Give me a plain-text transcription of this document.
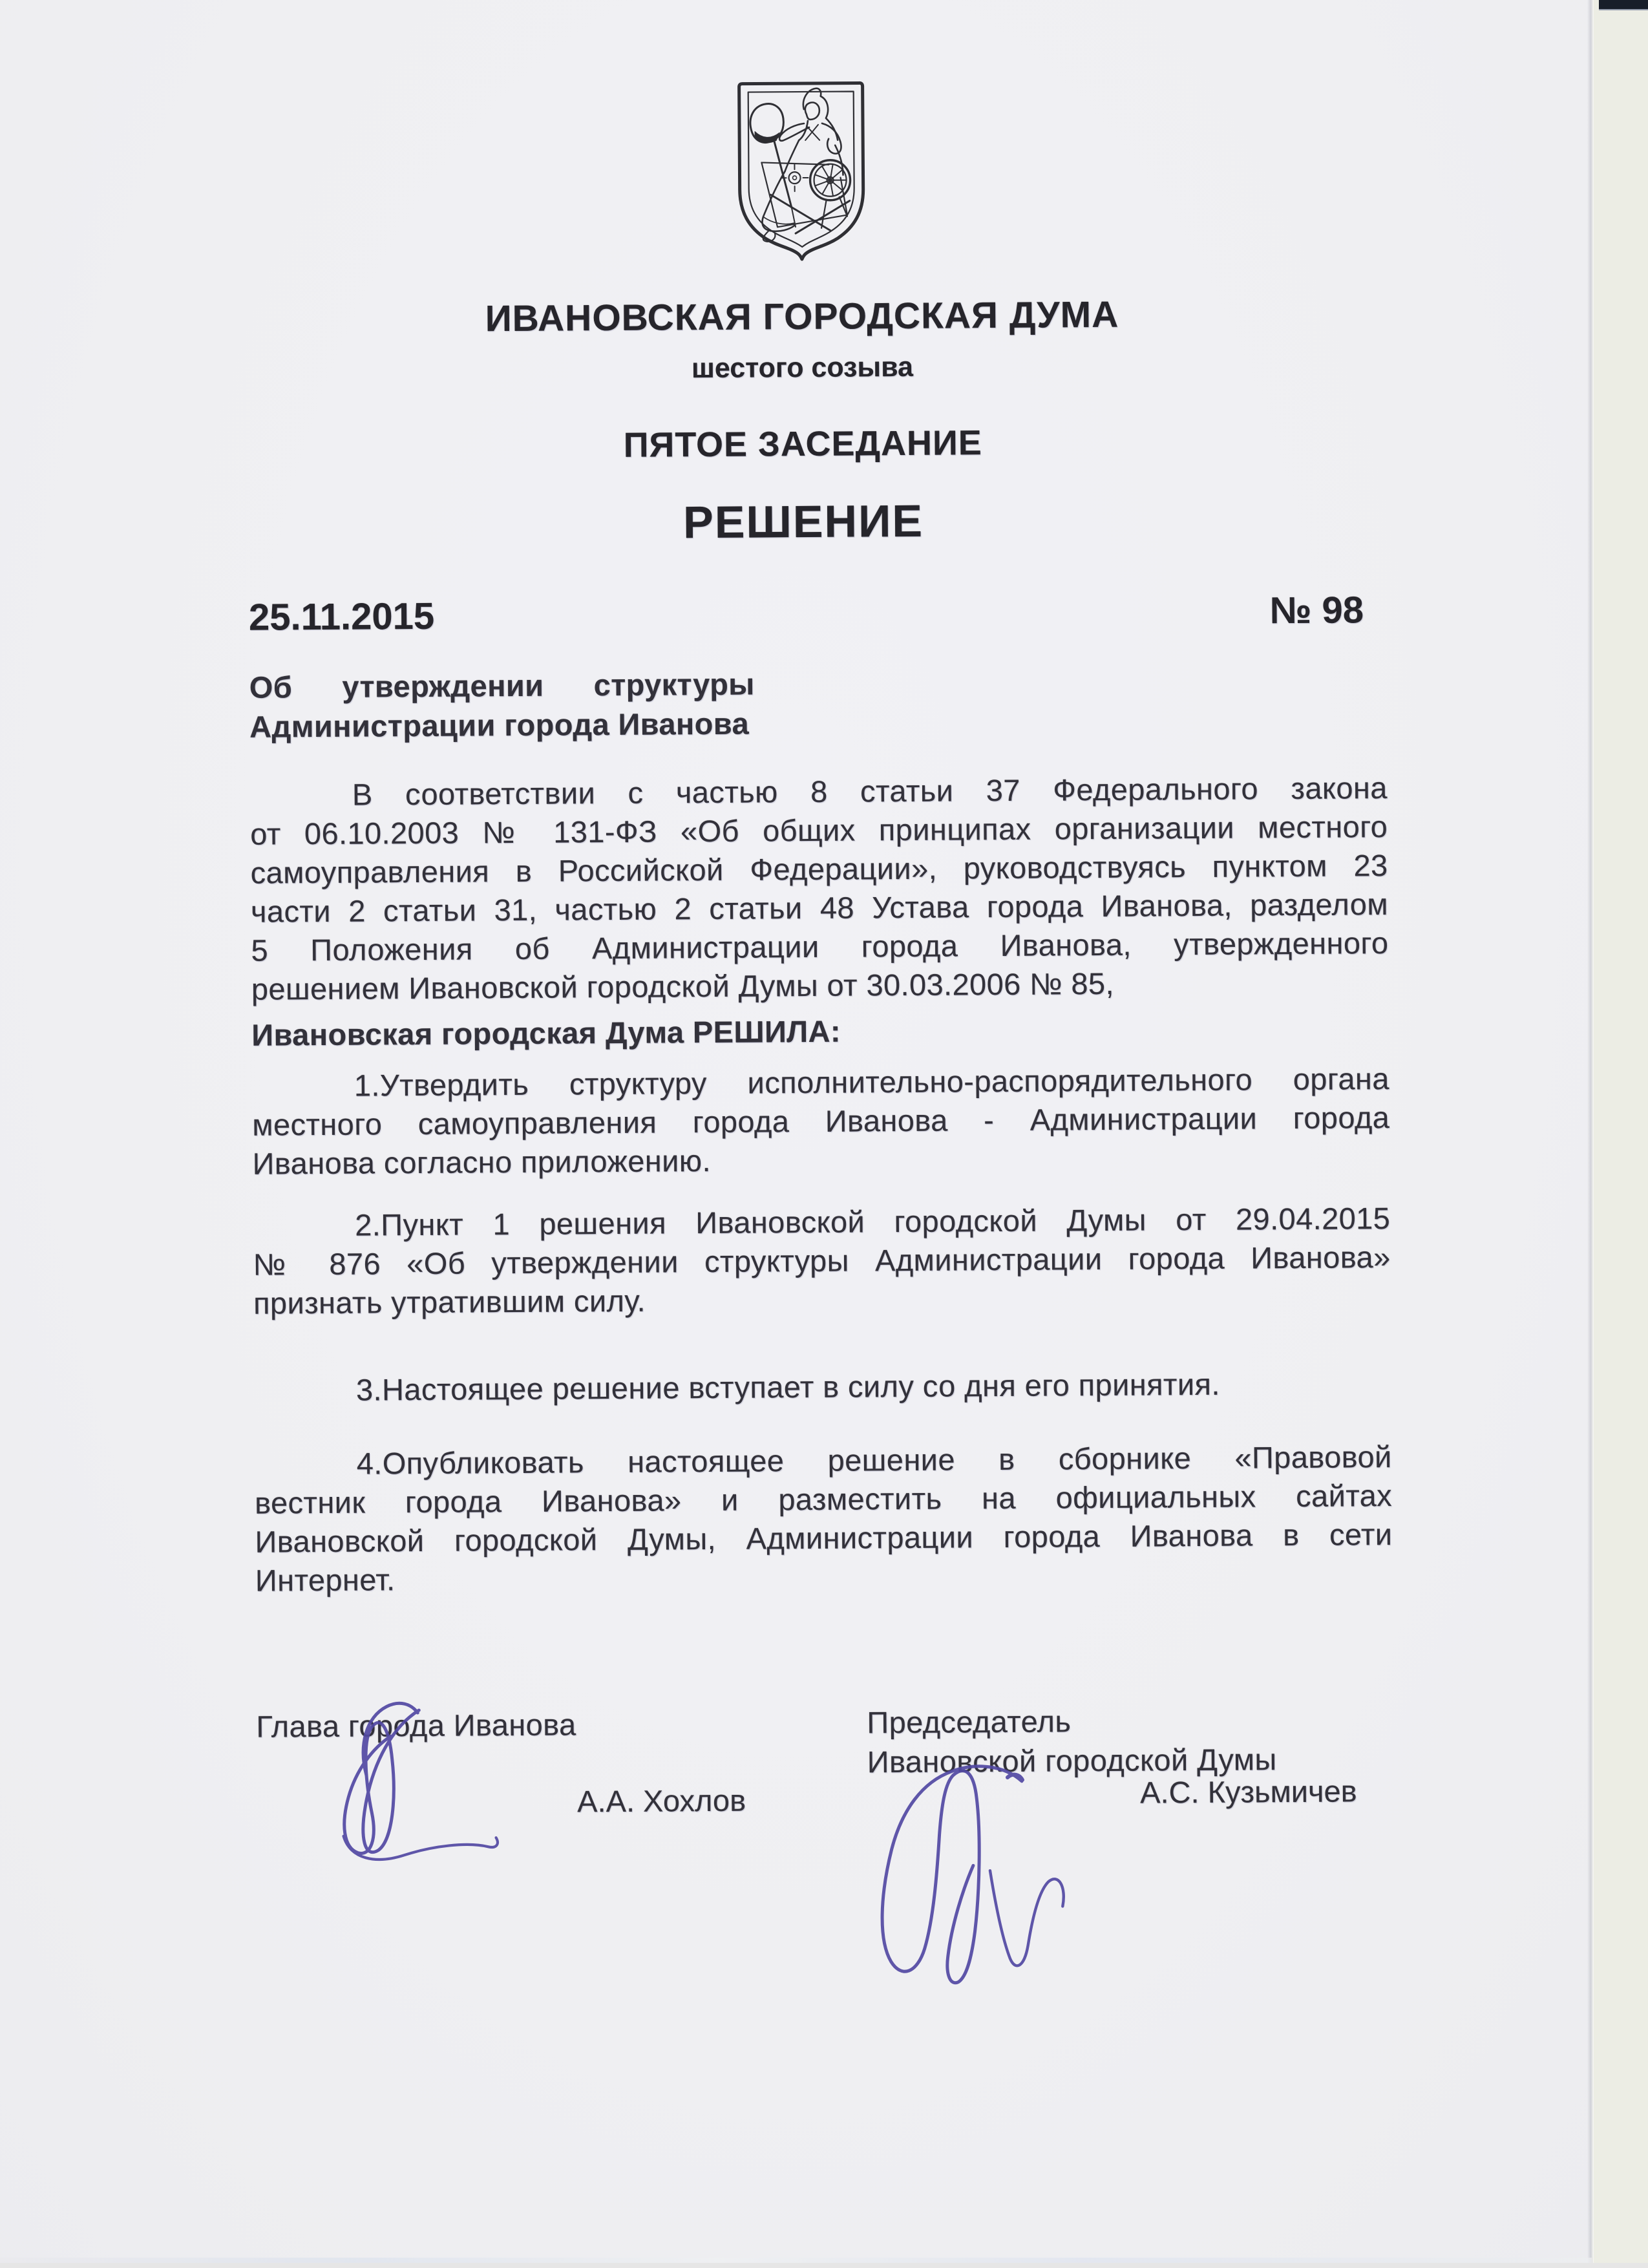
ИВАНОВСКАЯ ГОРОДСКАЯ ДУМА
шестого созыва
ПЯТОЕ ЗАСЕДАНИЕ
РЕШЕНИЕ
25.11.2015	№ 98
Об утверждении структуры
Администрации города Иванова
В соответствии с частью 8 статьи 37 Федерального закона
от 06.10.2003 № 131-ФЗ «Об общих принципах организации местного
самоуправления в Российской Федерации», руководствуясь пунктом 23
части 2 статьи 31, частью 2 статьи 48 Устава города Иванова, разделом
5 Положения об Администрации города Иванова, утвержденного
решением Ивановской городской Думы от 30.03.2006 № 85,
Ивановская городская Дума РЕШИЛА:
1.Утвердить структуру исполнительно-распорядительного органа
местного самоуправления города Иванова - Администрации города
Иванова согласно приложению.
2.Пункт 1 решения Ивановской городской Думы от 29.04.2015
№ 876 «Об утверждении структуры Администрации города Иванова»
признать утратившим силу.
3.Настоящее решение вступает в силу со дня его принятия.
4.Опубликовать настоящее решение в сборнике «Правовой
вестник города Иванова» и разместить на официальных сайтах
Ивановской городской Думы, Администрации города Иванова в сети
Интернет.
Глава города Иванова	Председатель
Ивановской городской Думы
А.А. Хохлов	А.С. Кузьмичев
